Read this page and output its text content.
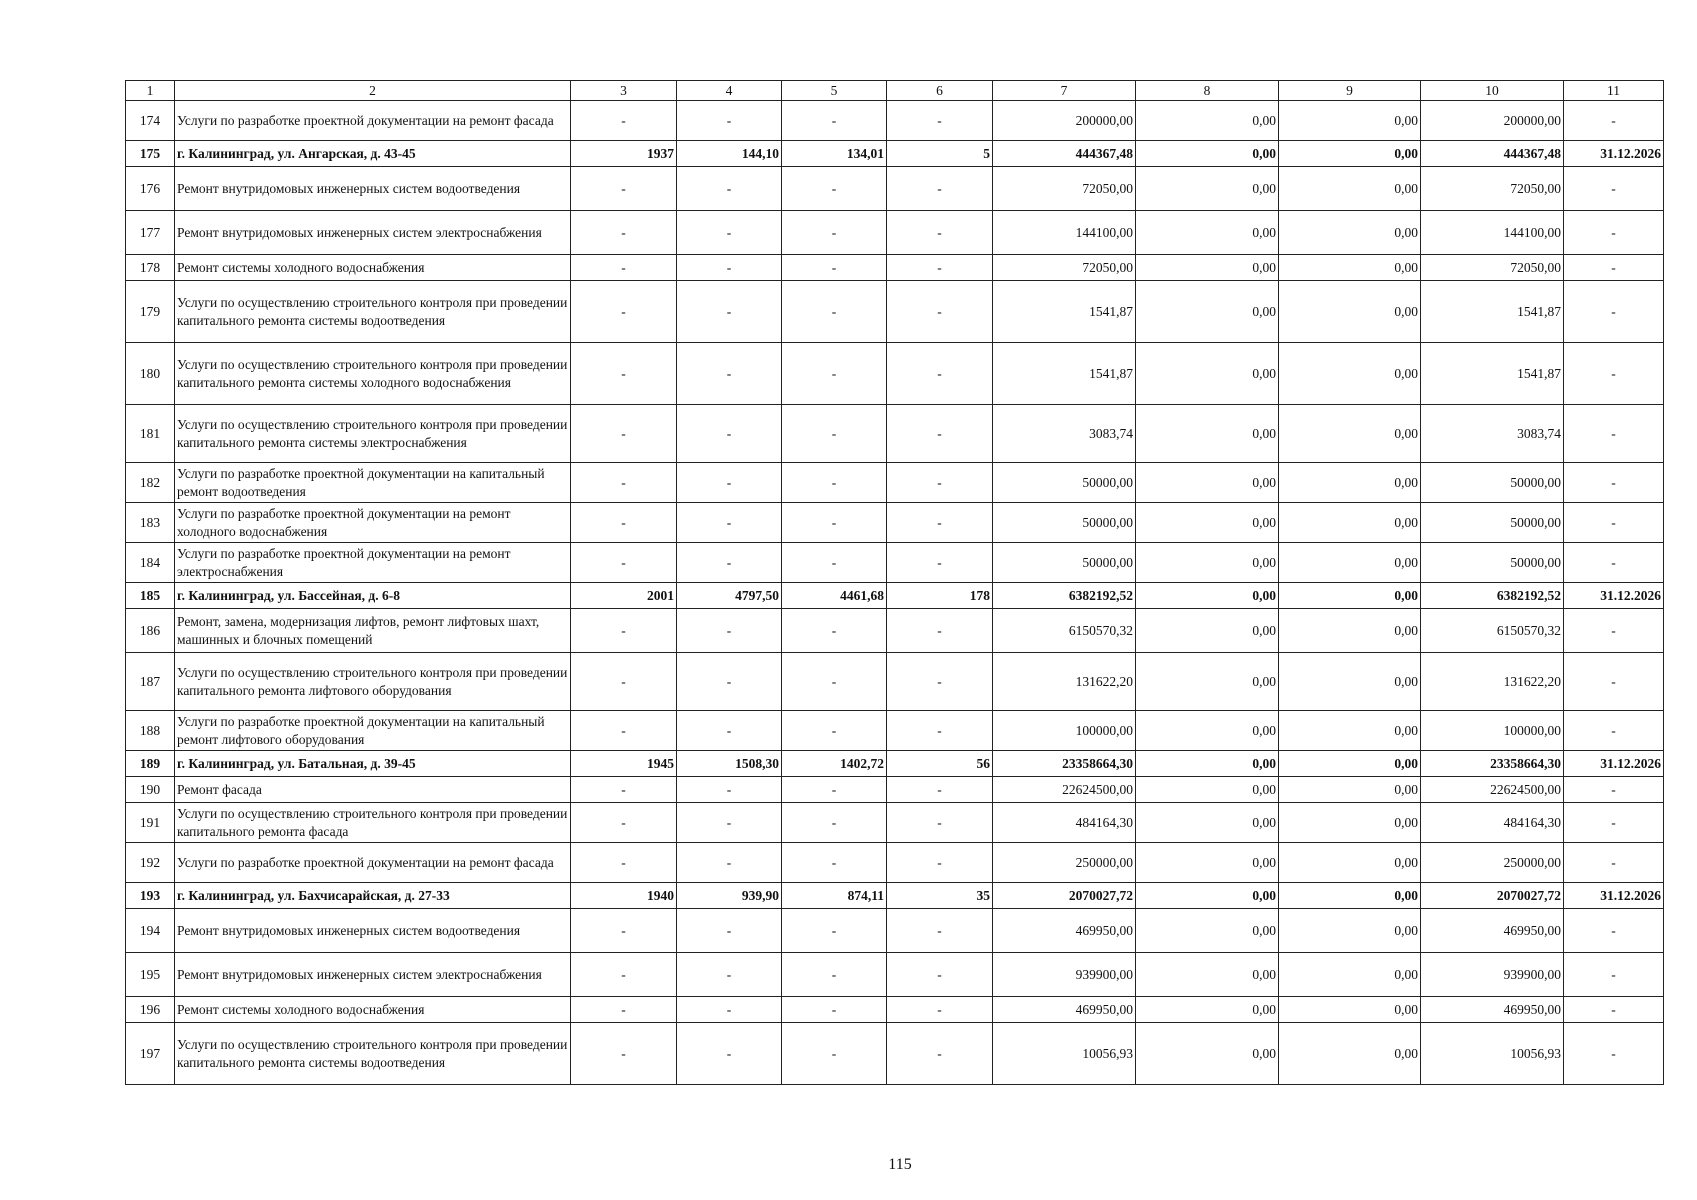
1	2	3	4	5	6	7	8	9	10	11
174	Услуги по разработке проектной документации на ремонт фасада	-	-	-	-	200000,00	0,00	0,00	200000,00	-
175	г. Калининград, ул. Ангарская, д. 43-45	1937	144,10	134,01	5	444367,48	0,00	0,00	444367,48	31.12.2026
176	Ремонт внутридомовых инженерных систем водоотведения	-	-	-	-	72050,00	0,00	0,00	72050,00	-
177	Ремонт внутридомовых инженерных систем электроснабжения	-	-	-	-	144100,00	0,00	0,00	144100,00	-
178	Ремонт системы холодного водоснабжения	-	-	-	-	72050,00	0,00	0,00	72050,00	-
179	Услуги по осуществлению строительного контроля при проведении капитального ремонта системы водоотведения	-	-	-	-	1541,87	0,00	0,00	1541,87	-
180	Услуги по осуществлению строительного контроля при проведении капитального ремонта системы холодного водоснабжения	-	-	-	-	1541,87	0,00	0,00	1541,87	-
181	Услуги по осуществлению строительного контроля при проведении капитального ремонта системы электроснабжения	-	-	-	-	3083,74	0,00	0,00	3083,74	-
182	Услуги по разработке проектной документации на капитальный ремонт водоотведения	-	-	-	-	50000,00	0,00	0,00	50000,00	-
183	Услуги по разработке проектной документации на ремонт холодного водоснабжения	-	-	-	-	50000,00	0,00	0,00	50000,00	-
184	Услуги по разработке проектной документации на ремонт электроснабжения	-	-	-	-	50000,00	0,00	0,00	50000,00	-
185	г. Калининград, ул. Бассейная, д. 6-8	2001	4797,50	4461,68	178	6382192,52	0,00	0,00	6382192,52	31.12.2026
186	Ремонт, замена, модернизация лифтов, ремонт лифтовых шахт, машинных и блочных помещений	-	-	-	-	6150570,32	0,00	0,00	6150570,32	-
187	Услуги по осуществлению строительного контроля при проведении капитального ремонта лифтового оборудования	-	-	-	-	131622,20	0,00	0,00	131622,20	-
188	Услуги по разработке проектной документации на капитальный ремонт лифтового оборудования	-	-	-	-	100000,00	0,00	0,00	100000,00	-
189	г. Калининград, ул. Батальная, д. 39-45	1945	1508,30	1402,72	56	23358664,30	0,00	0,00	23358664,30	31.12.2026
190	Ремонт фасада	-	-	-	-	22624500,00	0,00	0,00	22624500,00	-
191	Услуги по осуществлению строительного контроля при проведении капитального ремонта фасада	-	-	-	-	484164,30	0,00	0,00	484164,30	-
192	Услуги по разработке проектной документации на ремонт фасада	-	-	-	-	250000,00	0,00	0,00	250000,00	-
193	г. Калининград, ул. Бахчисарайская, д. 27-33	1940	939,90	874,11	35	2070027,72	0,00	0,00	2070027,72	31.12.2026
194	Ремонт внутридомовых инженерных систем водоотведения	-	-	-	-	469950,00	0,00	0,00	469950,00	-
195	Ремонт внутридомовых инженерных систем электроснабжения	-	-	-	-	939900,00	0,00	0,00	939900,00	-
196	Ремонт системы холодного водоснабжения	-	-	-	-	469950,00	0,00	0,00	469950,00	-
197	Услуги по осуществлению строительного контроля при проведении капитального ремонта системы водоотведения	-	-	-	-	10056,93	0,00	0,00	10056,93	-
115
